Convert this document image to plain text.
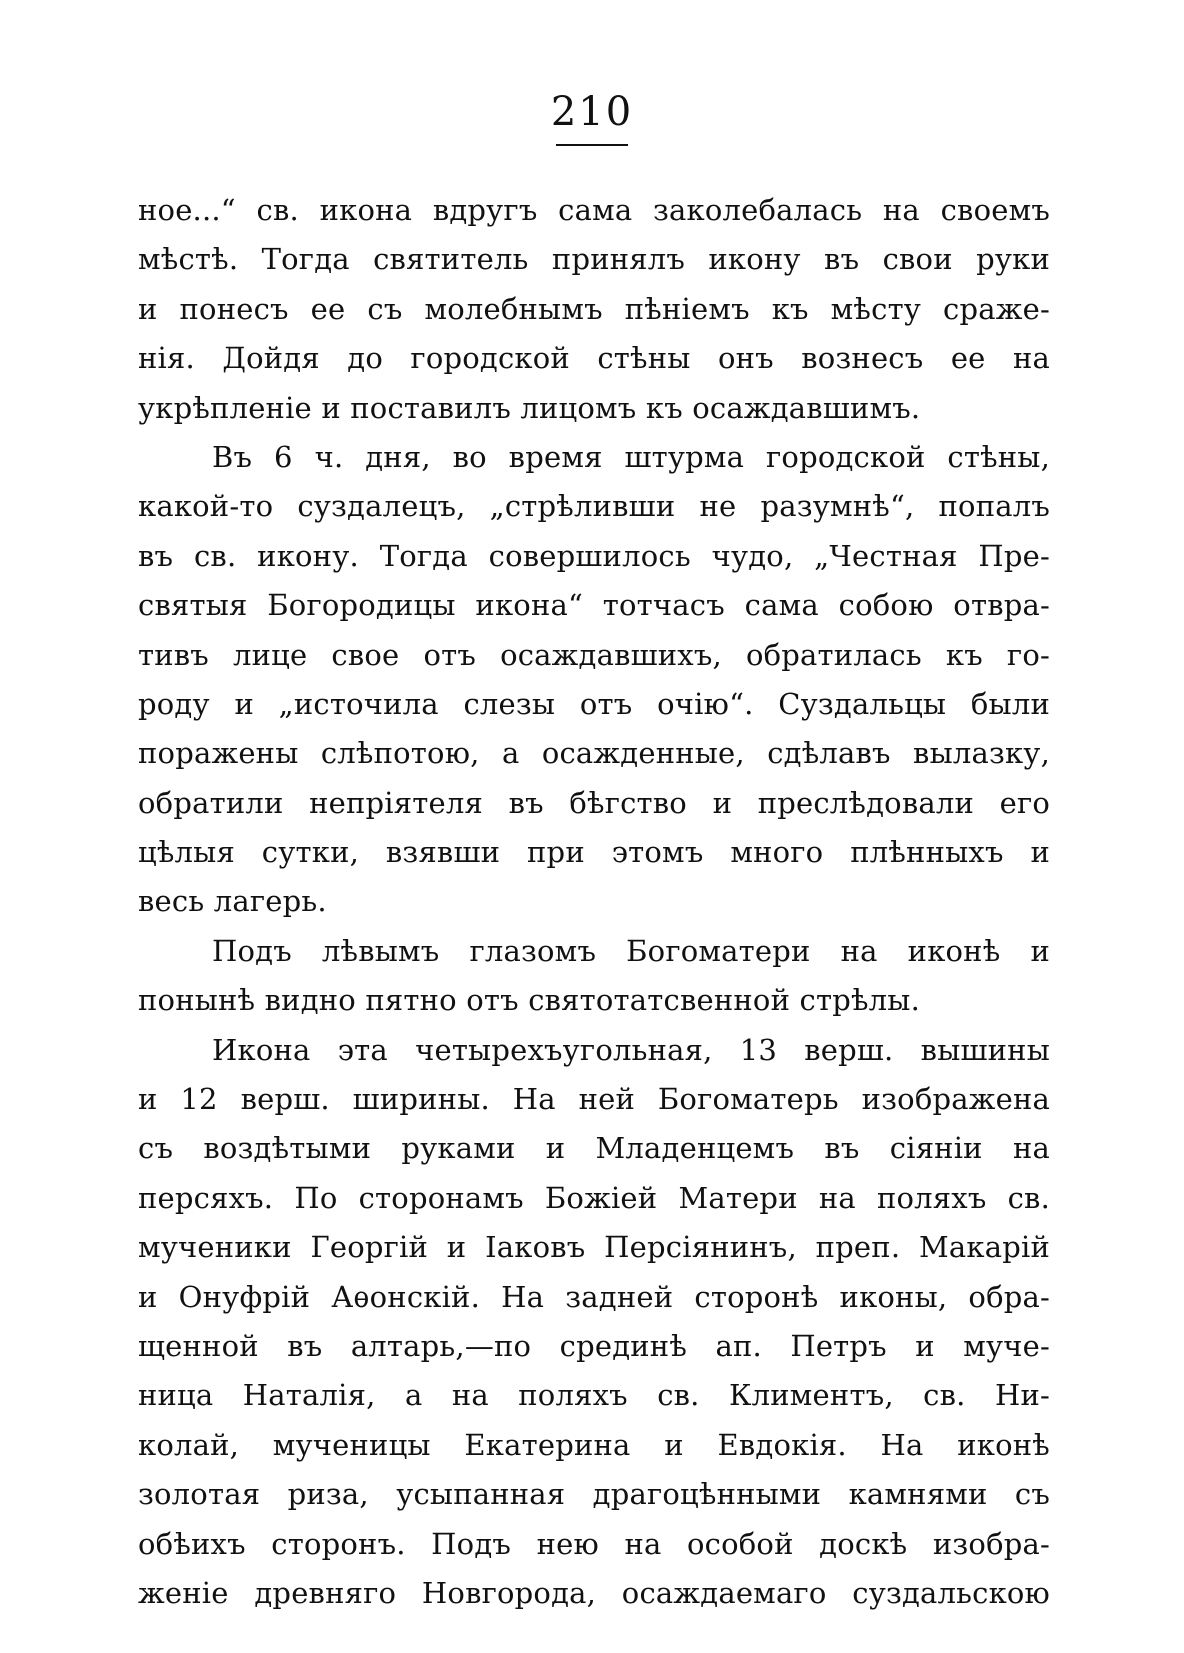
210
ное...“ св. икона вдругъ сама заколебалась на своемъ
мѣстѣ. Тогда святитель принялъ икону въ свои руки
и понесъ ее съ молебнымъ пѣніемъ къ мѣсту сраже-
нія. Дойдя до городской стѣны онъ вознесъ ее на
укрѣпленіе и поставилъ лицомъ къ осаждавшимъ.
Въ 6 ч. дня, во время штурма городской стѣны,
какой-то суздалецъ, „стрѣливши не разумнѣ“, попалъ
въ св. икону. Тогда совершилось чудо, „Честная Пре-
святыя Богородицы икона“ тотчасъ сама собою отвра-
тивъ лице свое отъ осаждавшихъ, обратилась къ го-
роду и „источила слезы отъ очію“. Суздальцы были
поражены слѣпотою, а осажденные, сдѣлавъ вылазку,
обратили непріятеля въ бѣгство и преслѣдовали его
цѣлыя сутки, взявши при этомъ много плѣнныхъ и
весь лагерь.
Подъ лѣвымъ глазомъ Богоматери на иконѣ и
понынѣ видно пятно отъ святотатсвенной стрѣлы.
Икона эта четырехъугольная, 13 верш. вышины
и 12 верш. ширины. На ней Богоматерь изображена
съ воздѣтыми руками и Младенцемъ въ сіяніи на
персяхъ. По сторонамъ Божіей Матери на поляхъ св.
мученики Георгій и Іаковъ Персіянинъ, преп. Макарій
и Онуфрій Аѳонскій. На задней сторонѣ иконы, обра-
щенной въ алтарь,—по срединѣ ап. Петръ и муче-
ница Наталія, а на поляхъ св. Климентъ, св. Ни-
колай, мученицы Екатерина и Евдокія. На иконѣ
золотая риза, усыпанная драгоцѣнными камнями съ
обѣихъ сторонъ. Подъ нею на особой доскѣ изобра-
женіе древняго Новгорода, осаждаемаго суздальскою
